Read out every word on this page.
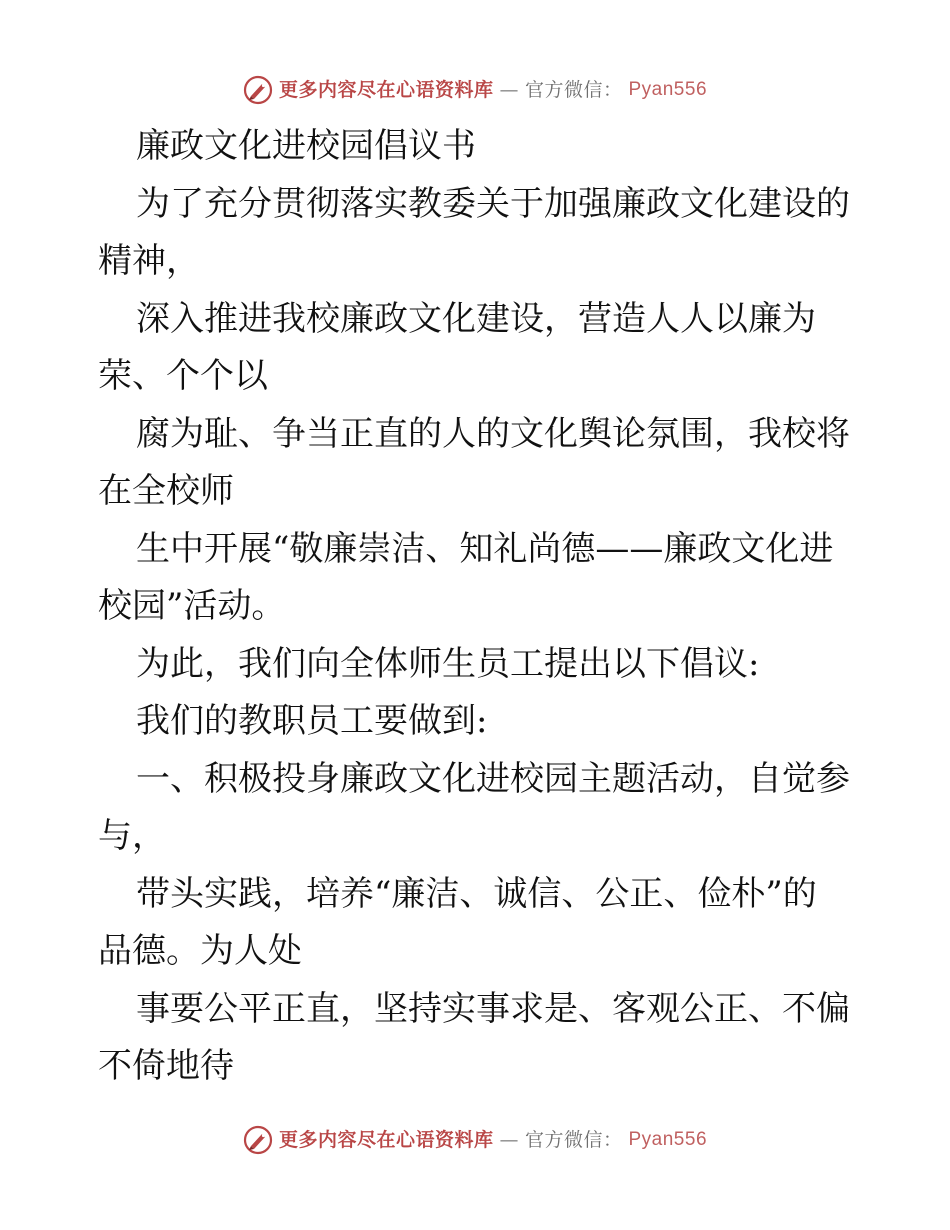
更多内容尽在心语资料库 — 官方微信： Pyan556
廉政文化进校园倡议书
为了充分贯彻落实教委关于加强廉政文化建设的
精神，
深入推进我校廉政文化建设，营造人人以廉为
荣、个个以
腐为耻、争当正直的人的文化舆论氛围，我校将
在全校师
生中开展“敬廉崇洁、知礼尚德——廉政文化进
校园”活动。
为此，我们向全体师生员工提出以下倡议:
我们的教职员工要做到:
一、积极投身廉政文化进校园主题活动，自觉参
与，
带头实践，培养“廉洁、诚信、公正、俭朴”的
品德。为人处
事要公平正直，坚持实事求是、客观公正、不偏
不倚地待
更多内容尽在心语资料库 — 官方微信： Pyan556
